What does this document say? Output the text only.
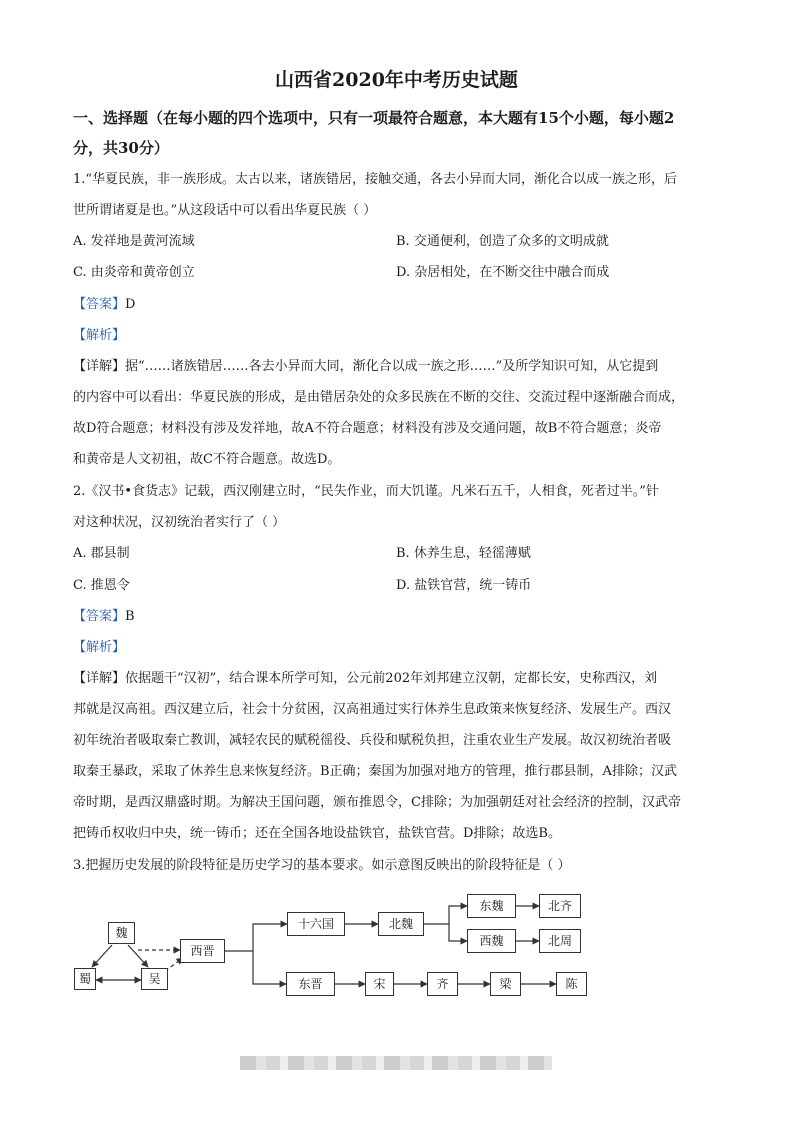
山西省2020年中考历史试题
一、选择题（在每小题的四个选项中，只有一项最符合题意，本大题有15个小题，每小题2
分，共30分）
1.“华夏民族，非一族形成。太古以来，诸族错居，接触交通，各去小异而大同，渐化合以成一族之形，后
世所谓诸夏是也。”从这段话中可以看出华夏民族（ ）
A. 发祥地是黄河流域	B. 交通便利，创造了众多的文明成就
C. 由炎帝和黄帝创立	D. 杂居相处，在不断交往中融合而成
【答案】D
【解析】
【详解】据“……诸族错居……各去小异而大同，渐化合以成一族之形……”及所学知识可知，从它提到
的内容中可以看出：华夏民族的形成，是由错居杂处的众多民族在不断的交往、交流过程中逐渐融合而成，
故D符合题意；材料没有涉及发祥地，故A不符合题意；材料没有涉及交通问题，故B不符合题意；炎帝
和黄帝是人文初祖，故C不符合题意。故选D。
2.《汉书•食货志》记载，西汉刚建立时，“民失作业，而大饥谨。凡米石五千，人相食，死者过半。”针
对这种状况，汉初统治者实行了（ ）
A. 郡县制	B. 休养生息，轻徭薄赋
C. 推恩令	D. 盐铁官营，统一铸币
【答案】B
【解析】
【详解】依据题干“汉初”，结合课本所学可知，公元前202年刘邦建立汉朝，定都长安，史称西汉，刘
邦就是汉高祖。西汉建立后，社会十分贫困，汉高祖通过实行休养生息政策来恢复经济、发展生产。西汉
初年统治者吸取秦亡教训，减轻农民的赋税徭役、兵役和赋税负担，注重农业生产发展。故汉初统治者吸
取秦王暴政，采取了休养生息来恢复经济。B正确；秦国为加强对地方的管理，推行郡县制，A排除；汉武
帝时期，是西汉鼎盛时期。为解决王国问题，颁布推恩令，C排除；为加强朝廷对社会经济的控制，汉武帝
把铸币权收归中央，统一铸币；还在全国各地设盐铁官，盐铁官营。D排除；故选B。
3.把握历史发展的阶段特征是历史学习的基本要求。如示意图反映出的阶段特征是（ ）
魏
蜀	吴
西晋
十六国	北魏
东魏
西魏
北齐
北周
东晋	宋	齐	梁	陈
